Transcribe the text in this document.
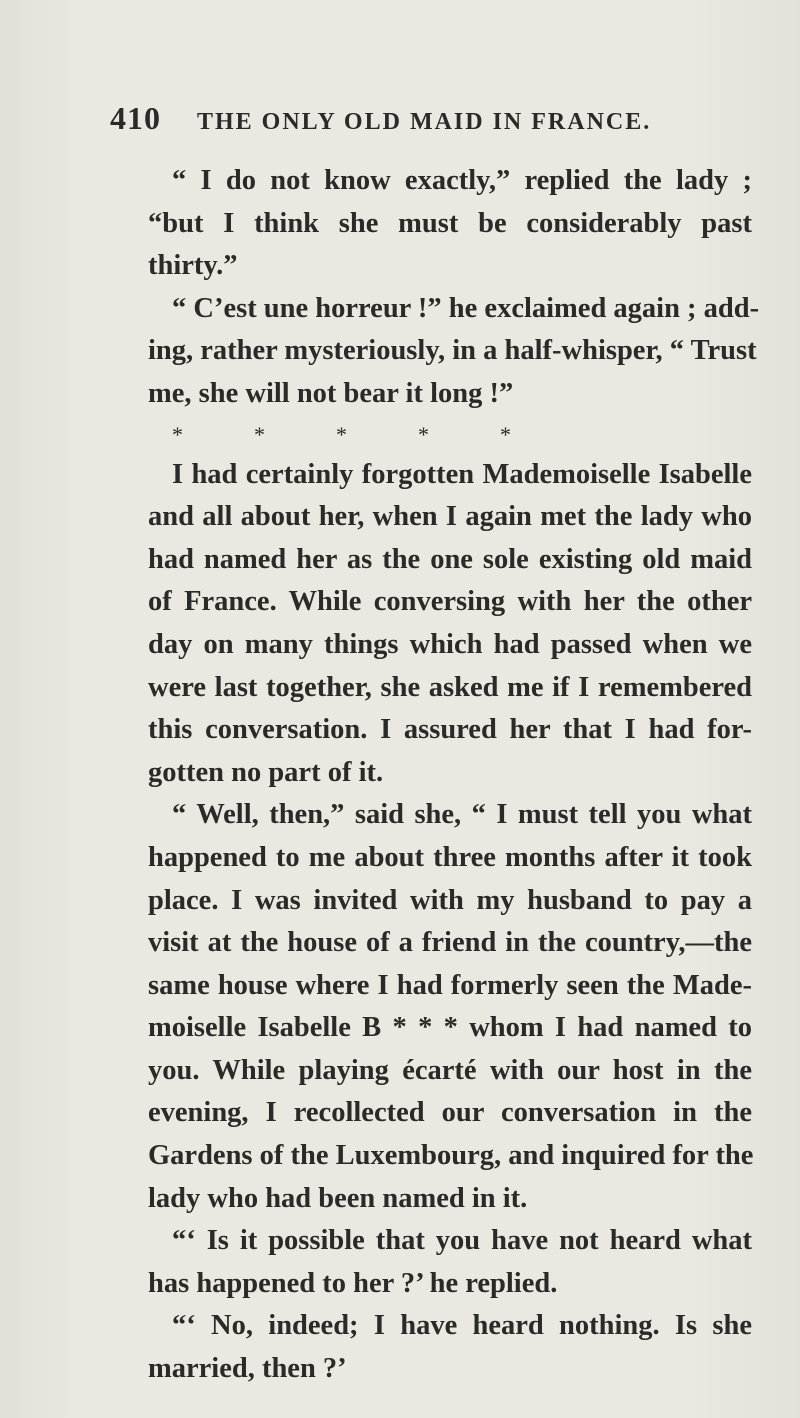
410 THE ONLY OLD MAID IN FRANCE.
“ I do not know exactly,” replied the lady ;
“but I think she must be considerably past
thirty.”
“ C’est une horreur !” he exclaimed again ; add-
ing, rather mysteriously, in a half-whisper, “ Trust
me, she will not bear it long !”
*	*	*	*	*
I had certainly forgotten Mademoiselle Isabelle
and all about her, when I again met the lady who
had named her as the one sole existing old maid
of France. While conversing with her the other
day on many things which had passed when we
were last together, she asked me if I remembered
this conversation. I assured her that I had for-
gotten no part of it.
“ Well, then,” said she, “ I must tell you what
happened to me about three months after it took
place. I was invited with my husband to pay a
visit at the house of a friend in the country,—the
same house where I had formerly seen the Made-
moiselle Isabelle B * * * whom I had named to
you. While playing écarté with our host in the
evening, I recollected our conversation in the
Gardens of the Luxembourg, and inquired for the
lady who had been named in it.
“‘ Is it possible that you have not heard what
has happened to her ?’ he replied.
“‘ No, indeed; I have heard nothing. Is she
married, then ?’
